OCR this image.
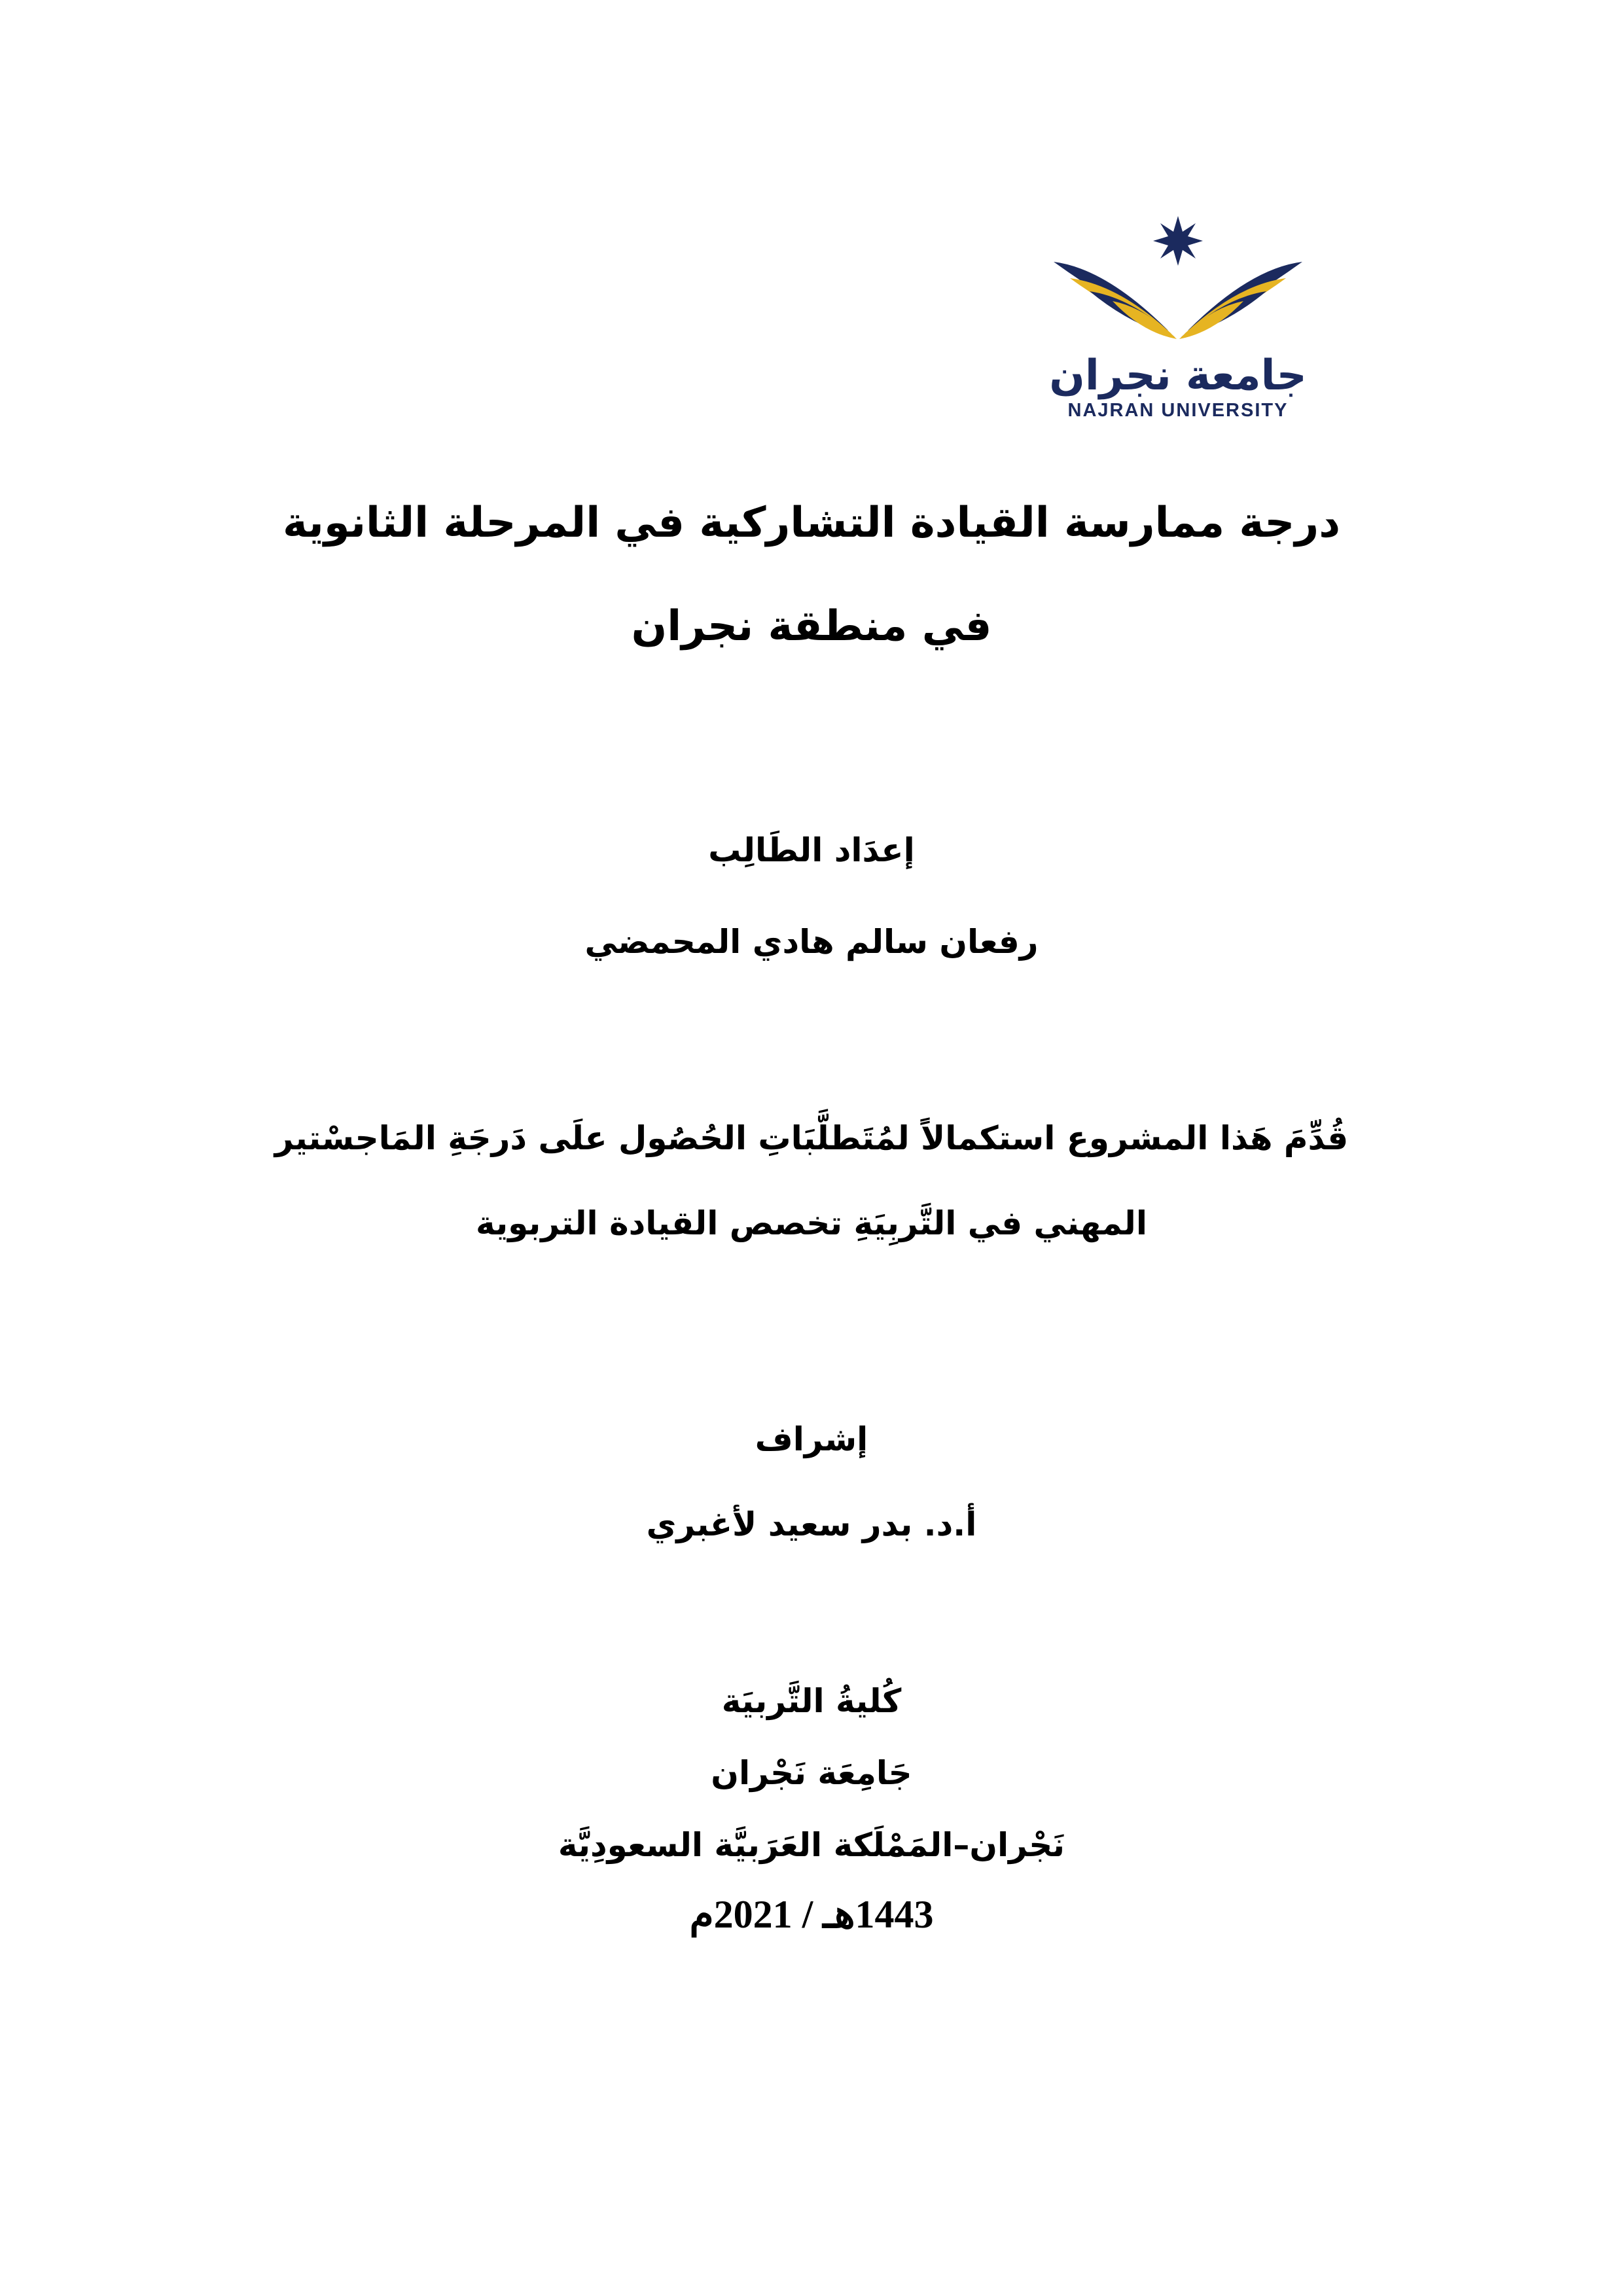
جامعة نجران
NAJRAN UNIVERSITY
درجة ممارسة القيادة التشاركية في المرحلة الثانوية
في منطقة نجران
إعدَاد الطَالِب
رفعان سالم هادي المحمضي
قُدِّمَ هَذا المشروع استكمالاً لمُتَطلَّبَاتِ الحُصُول علَى دَرجَةِ المَاجسْتير
المهني في التَّربِيَةِ تخصص القيادة التربوية
إشراف
أ.د. بدر سعيد لأغبري
كُليةُ التَّربيَة
جَامِعَة نَجْران
نَجْران–المَمْلَكة العَرَبيَّة السعودِيَّة
1443هـ / 2021م
